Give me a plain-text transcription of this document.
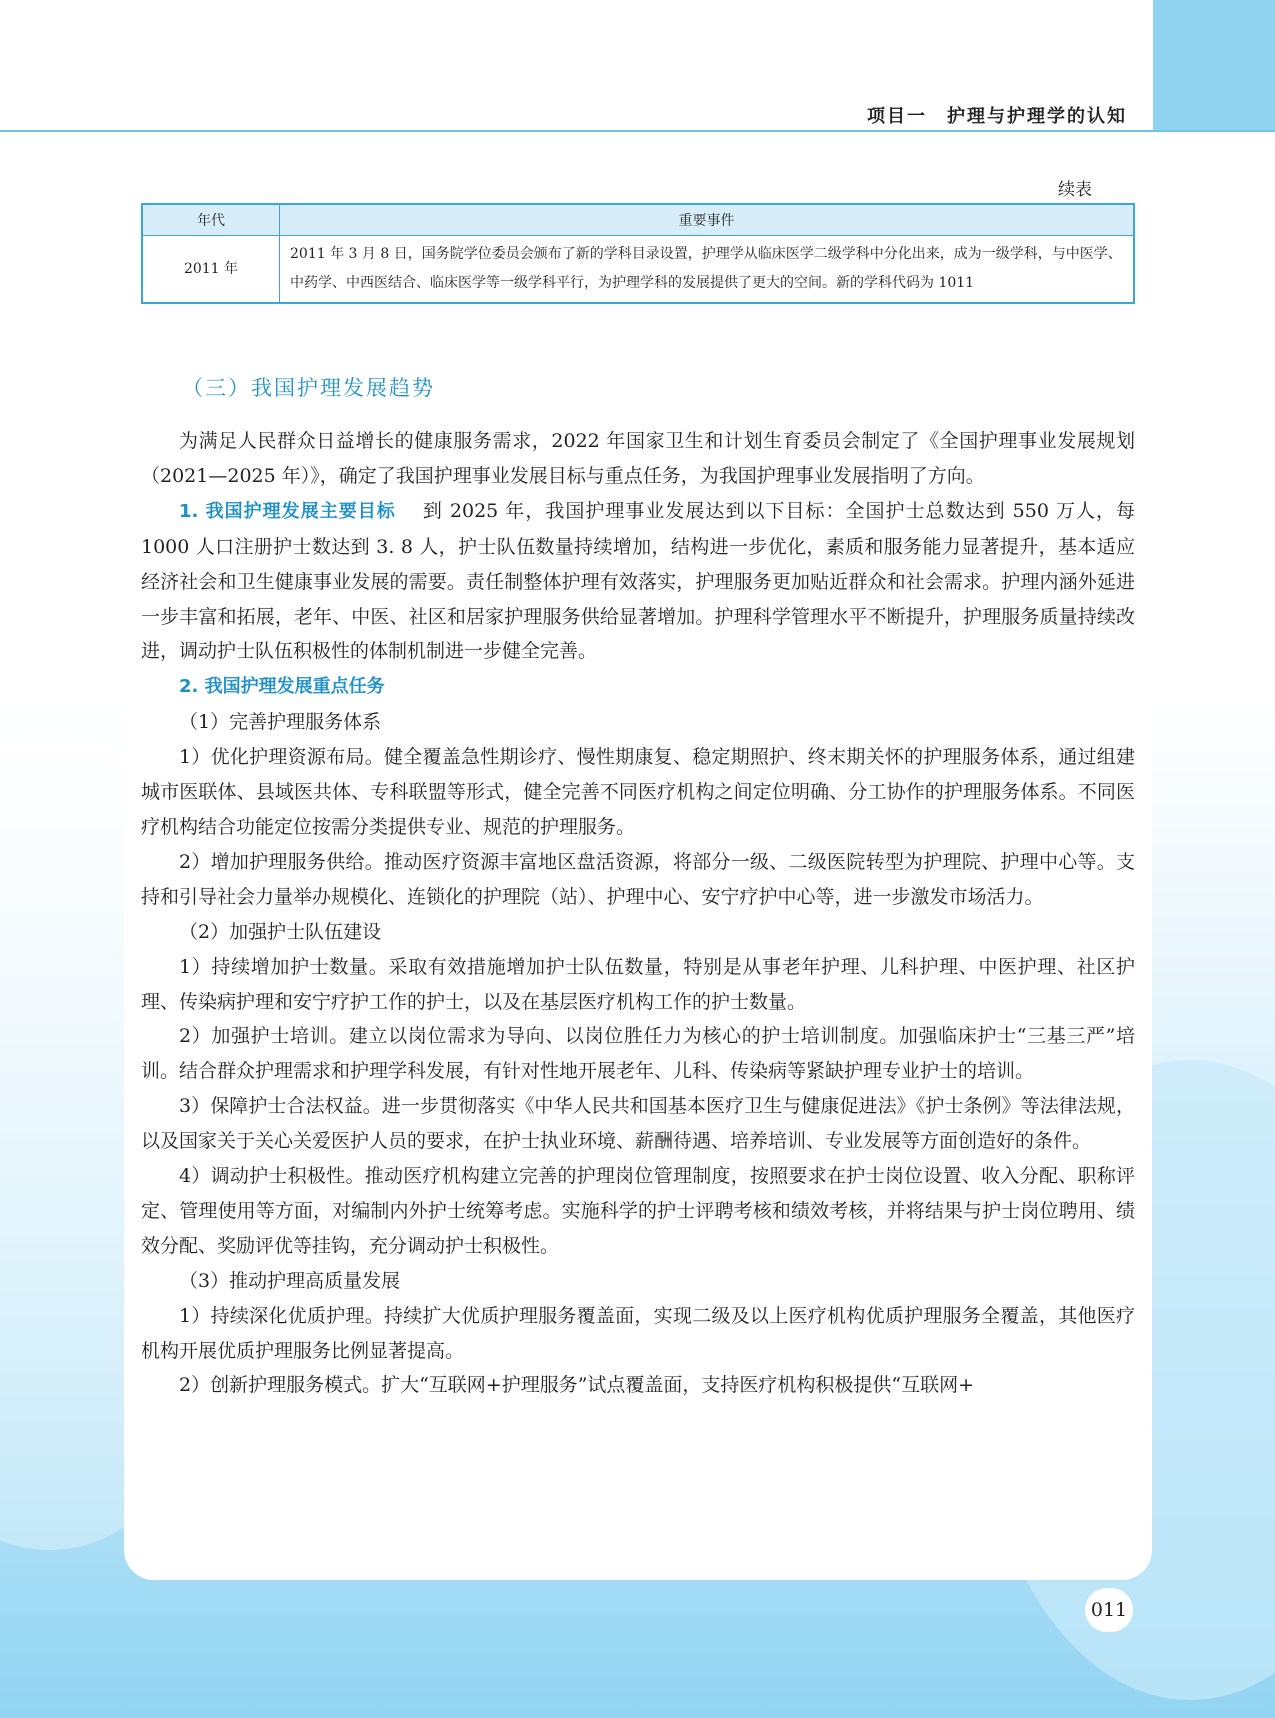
项目一　护理与护理学的认知
续表
年代	重要事件
2011 年	2011 年 3 月 8 日，国务院学位委员会颁布了新的学科目录设置，护理学从临床医学二级学科中分化出来，成为一级学科，与中医学、中药学、中西医结合、临床医学等一级学科平行，为护理学科的发展提供了更大的空间。新的学科代码为 1011
（三）我国护理发展趋势

为满足人民群众日益增长的健康服务需求，2022 年国家卫生和计划生育委员会制定了《全国护理事业发展规划（2021—2025 年）》，确定了我国护理事业发展目标与重点任务，为我国护理事业发展指明了方向。

1. 我国护理发展主要目标　 到 2025 年，我国护理事业发展达到以下目标：全国护士总数达到 550 万人，每 1000 人口注册护士数达到 3. 8 人，护士队伍数量持续增加，结构进一步优化，素质和服务能力显著提升，基本适应经济社会和卫生健康事业发展的需要。责任制整体护理有效落实，护理服务更加贴近群众和社会需求。护理内涵外延进一步丰富和拓展，老年、中医、社区和居家护理服务供给显著增加。护理科学管理水平不断提升，护理服务质量持续改进，调动护士队伍积极性的体制机制进一步健全完善。

2. 我国护理发展重点任务

（1）完善护理服务体系

1）优化护理资源布局。健全覆盖急性期诊疗、慢性期康复、稳定期照护、终末期关怀的护理服务体系，通过组建城市医联体、县域医共体、专科联盟等形式，健全完善不同医疗机构之间定位明确、分工协作的护理服务体系。不同医疗机构结合功能定位按需分类提供专业、规范的护理服务。

2）增加护理服务供给。推动医疗资源丰富地区盘活资源，将部分一级、二级医院转型为护理院、护理中心等。支持和引导社会力量举办规模化、连锁化的护理院（站）、护理中心、安宁疗护中心等，进一步激发市场活力。

（2）加强护士队伍建设

1）持续增加护士数量。采取有效措施增加护士队伍数量，特别是从事老年护理、儿科护理、中医护理、社区护理、传染病护理和安宁疗护工作的护士，以及在基层医疗机构工作的护士数量。

2）加强护士培训。建立以岗位需求为导向、以岗位胜任力为核心的护士培训制度。加强临床护士“三基三严”培训。结合群众护理需求和护理学科发展，有针对性地开展老年、儿科、传染病等紧缺护理专业护士的培训。

3）保障护士合法权益。进一步贯彻落实《中华人民共和国基本医疗卫生与健康促进法》《护士条例》等法律法规，以及国家关于关心关爱医护人员的要求，在护士执业环境、薪酬待遇、培养培训、专业发展等方面创造好的条件。

4）调动护士积极性。推动医疗机构建立完善的护理岗位管理制度，按照要求在护士岗位设置、收入分配、职称评定、管理使用等方面，对编制内外护士统筹考虑。实施科学的护士评聘考核和绩效考核，并将结果与护士岗位聘用、绩效分配、奖励评优等挂钩，充分调动护士积极性。

（3）推动护理高质量发展

1）持续深化优质护理。持续扩大优质护理服务覆盖面，实现二级及以上医疗机构优质护理服务全覆盖，其他医疗机构开展优质护理服务比例显著提高。

2）创新护理服务模式。扩大“互联网+护理服务”试点覆盖面，支持医疗机构积极提供“互联网+

011
